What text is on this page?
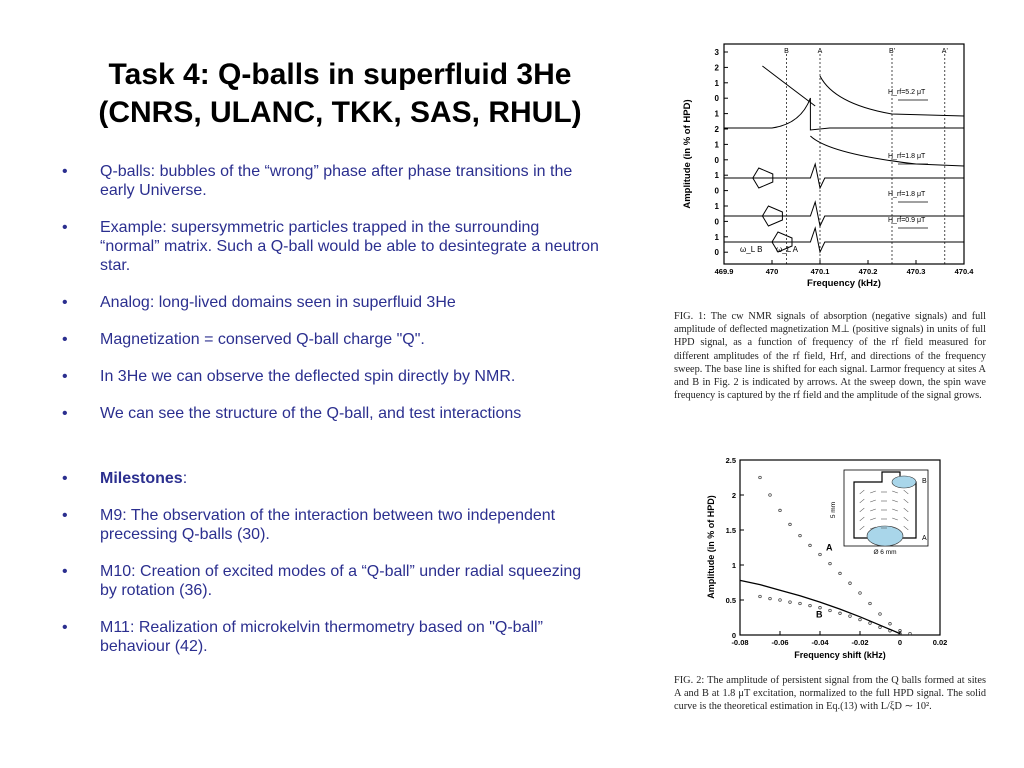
Task 4: Q-balls in superfluid 3He
(CNRS, ULANC, TKK, SAS, RHUL)
• Q-balls: bubbles of the “wrong” phase after phase transitions in the early Universe.
• Example: supersymmetric particles trapped in the surrounding “normal” matrix. Such a Q-ball would be able to desintegrate a neutron star.
• Analog: long-lived domains seen in superfluid 3He
• Magnetization = conserved Q-ball charge "Q".
• In 3He we can observe the deflected spin directly by NMR.
• We can see the structure of the Q-ball, and test interactions
• Milestones:
• M9: The observation of the interaction between two independent precessing Q-balls (30).
• M10: Creation of excited modes of a “Q-ball” under radial squeezing by rotation (36).
• M11: Realization of microkelvin thermometry based on "Q-ball” behaviour (42).
B	A	B'	A'
469.9	470	470.1	470.2	470.3	470.4
3
2
1
0
1
2
1
0
1
0
1
0
1
0
H_rf=5.2 μT
H_rf=1.8 μT
H_rf=1.8 μT
H_rf=0.9 μT
Amplitude (in % of HPD)
Frequency (kHz)
ω_L B ω_L A
FIG. 1: The cw NMR signals of absorption (negative signals) and full amplitude of deflected magnetization M⊥ (positive signals) in units of full HPD signal, as a function of frequency of the rf field measured for different amplitudes of the rf field, Hrf, and directions of the frequency sweep. The base line is shifted for each signal. Larmor frequency at sites A and B in Fig. 2 is indicated by arrows. At the sweep down, the spin wave frequency is captured by the rf field and the amplitude of the signal grows.
-0.08	-0.06	-0.04	-0.02	0	0.02
0
0.5
1
1.5
2
2.5
A
B
B
A
5 mm
Ø 6 mm
Amplitude (in % of HPD)
Frequency shift (kHz)
FIG. 2: The amplitude of persistent signal from the Q balls formed at sites A and B at 1.8 μT excitation, normalized to the full HPD signal. The solid curve is the theoretical estimation in Eq.(13) with L/ξD ∼ 10².
